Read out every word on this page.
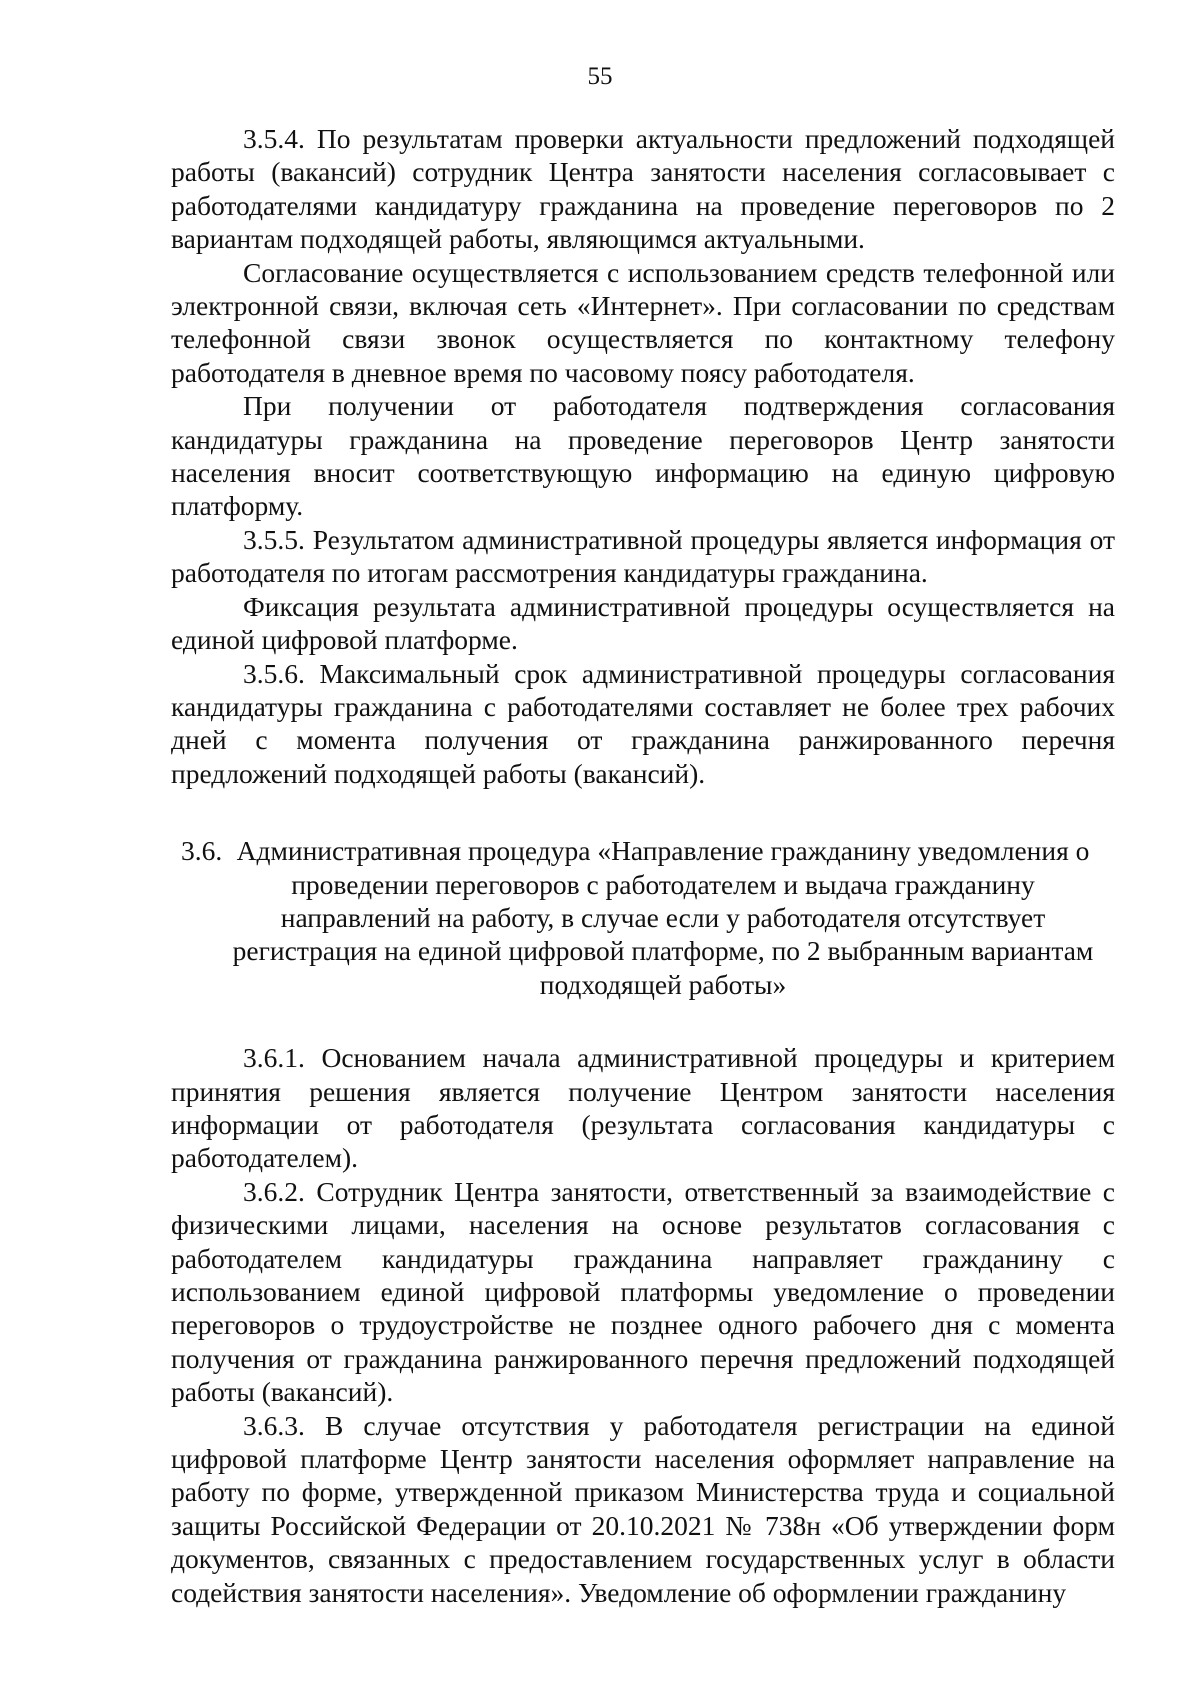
55

3.5.4. По результатам проверки актуальности предложений подходящей работы (вакансий) сотрудник Центра занятости населения согласовывает с работодателями кандидатуру гражданина на проведение переговоров по 2 вариантам подходящей работы, являющимся актуальными.

Согласование осуществляется с использованием средств телефонной или электронной связи, включая сеть «Интернет». При согласовании по средствам телефонной связи звонок осуществляется по контактному телефону работодателя в дневное время по часовому поясу работодателя.

При получении от работодателя подтверждения согласования кандидатуры гражданина на проведение переговоров Центр занятости населения вносит соответствующую информацию на единую цифровую платформу.

3.5.5. Результатом административной процедуры является информация от работодателя по итогам рассмотрения кандидатуры гражданина.

Фиксация результата административной процедуры осуществляется на единой цифровой платформе.

3.5.6. Максимальный срок административной процедуры согласования кандидатуры гражданина с работодателями составляет не более трех рабочих дней с момента получения от гражданина ранжированного перечня предложений подходящей работы (вакансий).

3.6. Административная процедура «Направление гражданину уведомления о проведении переговоров с работодателем и выдача гражданину направлений на работу, в случае если у работодателя отсутствует регистрация на единой цифровой платформе, по 2 выбранным вариантам подходящей работы»

3.6.1. Основанием начала административной процедуры и критерием принятия решения является получение Центром занятости населения информации от работодателя (результата согласования кандидатуры с работодателем).

3.6.2. Сотрудник Центра занятости, ответственный за взаимодействие с физическими лицами, населения на основе результатов согласования с работодателем кандидатуры гражданина направляет гражданину с использованием единой цифровой платформы уведомление о проведении переговоров о трудоустройстве не позднее одного рабочего дня с момента получения от гражданина ранжированного перечня предложений подходящей работы (вакансий).

3.6.3. В случае отсутствия у работодателя регистрации на единой цифровой платформе Центр занятости населения оформляет направление на работу по форме, утвержденной приказом Министерства труда и социальной защиты Российской Федерации от 20.10.2021 № 738н «Об утверждении форм документов, связанных с предоставлением государственных услуг в области содействия занятости населения». Уведомление об оформлении гражданину
